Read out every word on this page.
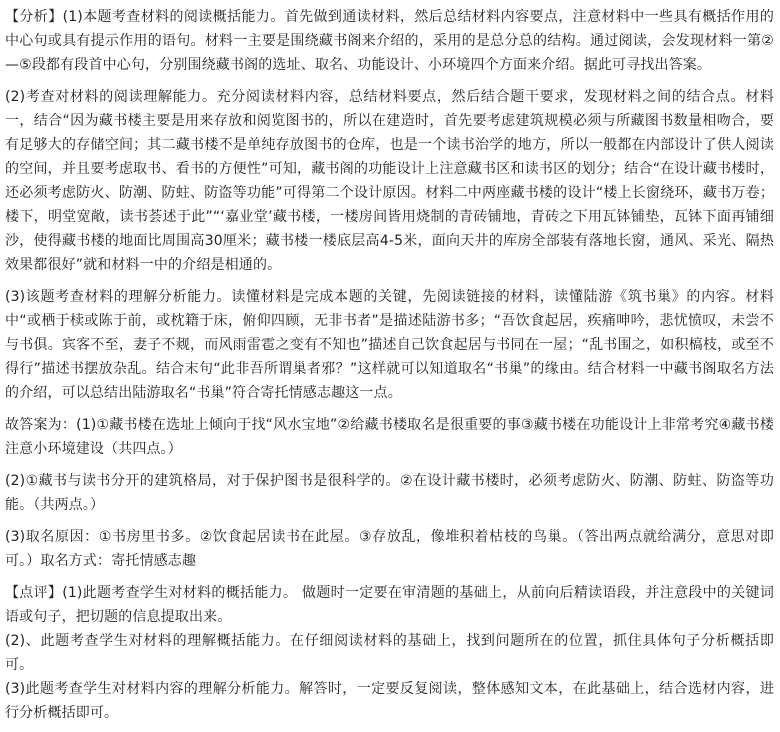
【分析】(1)本题考查材料的阅读概括能力。首先做到通读材料，然后总结材料内容要点，注意材料中一些具有概括作用的中心句或具有提示作用的语句。材料一主要是围绕藏书阁来介绍的，采用的是总分总的结构。通过阅读，会发现材料一第②—⑤段都有段首中心句，分别围绕藏书阁的选址、取名、功能设计、小环境四个方面来介绍。据此可寻找出答案。

(2)考查对材料的阅读理解能力。充分阅读材料内容，总结材料要点，然后结合题干要求，发现材料之间的结合点。材料一，结合“因为藏书楼主要是用来存放和阅览图书的，所以在建造时，首先要考虑建筑规模必须与所藏图书数量相吻合，要有足够大的存储空间；其二藏书楼不是单纯存放图书的仓库，也是一个读书治学的地方，所以一般都在内部设计了供人阅读的空间，并且要考虑取书、看书的方便性”可知，藏书阁的功能设计上注意藏书区和读书区的划分；结合“在设计藏书楼时，还必须考虑防火、防潮、防蛀、防盗等功能”可得第二个设计原因。材料二中两座藏书楼的设计“楼上长窗绕环，藏书万卷；楼下，明堂宽敞，读书荟述于此”“‘嘉业堂’藏书楼，一楼房间皆用烧制的青砖铺地，青砖之下用瓦钵铺垫，瓦钵下面再铺细沙，使得藏书楼的地面比周围高30厘米；藏书楼一楼底层高4-5米，面向天井的库房全部装有落地长窗，通风、采光、隔热效果都很好”就和材料一中的介绍是相通的。

(3)该题考查材料的理解分析能力。读懂材料是完成本题的关键，先阅读链接的材料，读懂陆游《筑书巢》的内容。材料中“或栖于椟或陈于前，或枕籍于床，俯仰四顾，无非书者”是描述陆游书多；“吾饮食起居，疾痛呻吟，悲忧愤叹，未尝不与书俱。宾客不至，妻子不觌，而风雨雷雹之变有不知也”描述自己饮食起居与书同在一屋；“乱书围之，如积槁枝，或至不得行”描述书摆放杂乱。结合末句“此非吾所谓巢者邪？”这样就可以知道取名“书巢”的缘由。结合材料一中藏书阁取名方法的介绍，可以总结出陆游取名“书巢”符合寄托情感志趣这一点。

故答案为：(1)①藏书楼在选址上倾向于找“风水宝地”②给藏书楼取名是很重要的事③藏书楼在功能设计上非常考究④藏书楼注意小环境建设（共四点。）

(2)①藏书与读书分开的建筑格局，对于保护图书是很科学的。②在设计藏书楼时，必须考虑防火、防潮、防蛀、防盗等功能。（共两点。）

(3)取名原因：①书房里书多。②饮食起居读书在此屋。③存放乱，像堆积着枯枝的鸟巢。（答出两点就给满分，意思对即可。）取名方式：寄托情感志趣

【点评】(1)此题考查学生对材料的概括能力。 做题时一定要在审清题的基础上，从前向后精读语段，并注意段中的关键词语或句子，把切题的信息提取出来。

(2)、此题考查学生对材料的理解概括能力。在仔细阅读材料的基础上，找到问题所在的位置，抓住具体句子分析概括即可。

(3)此题考查学生对材料内容的理解分析能力。解答时，一定要反复阅读，整体感知文本，在此基础上，结合选材内容，进行分析概括即可。
